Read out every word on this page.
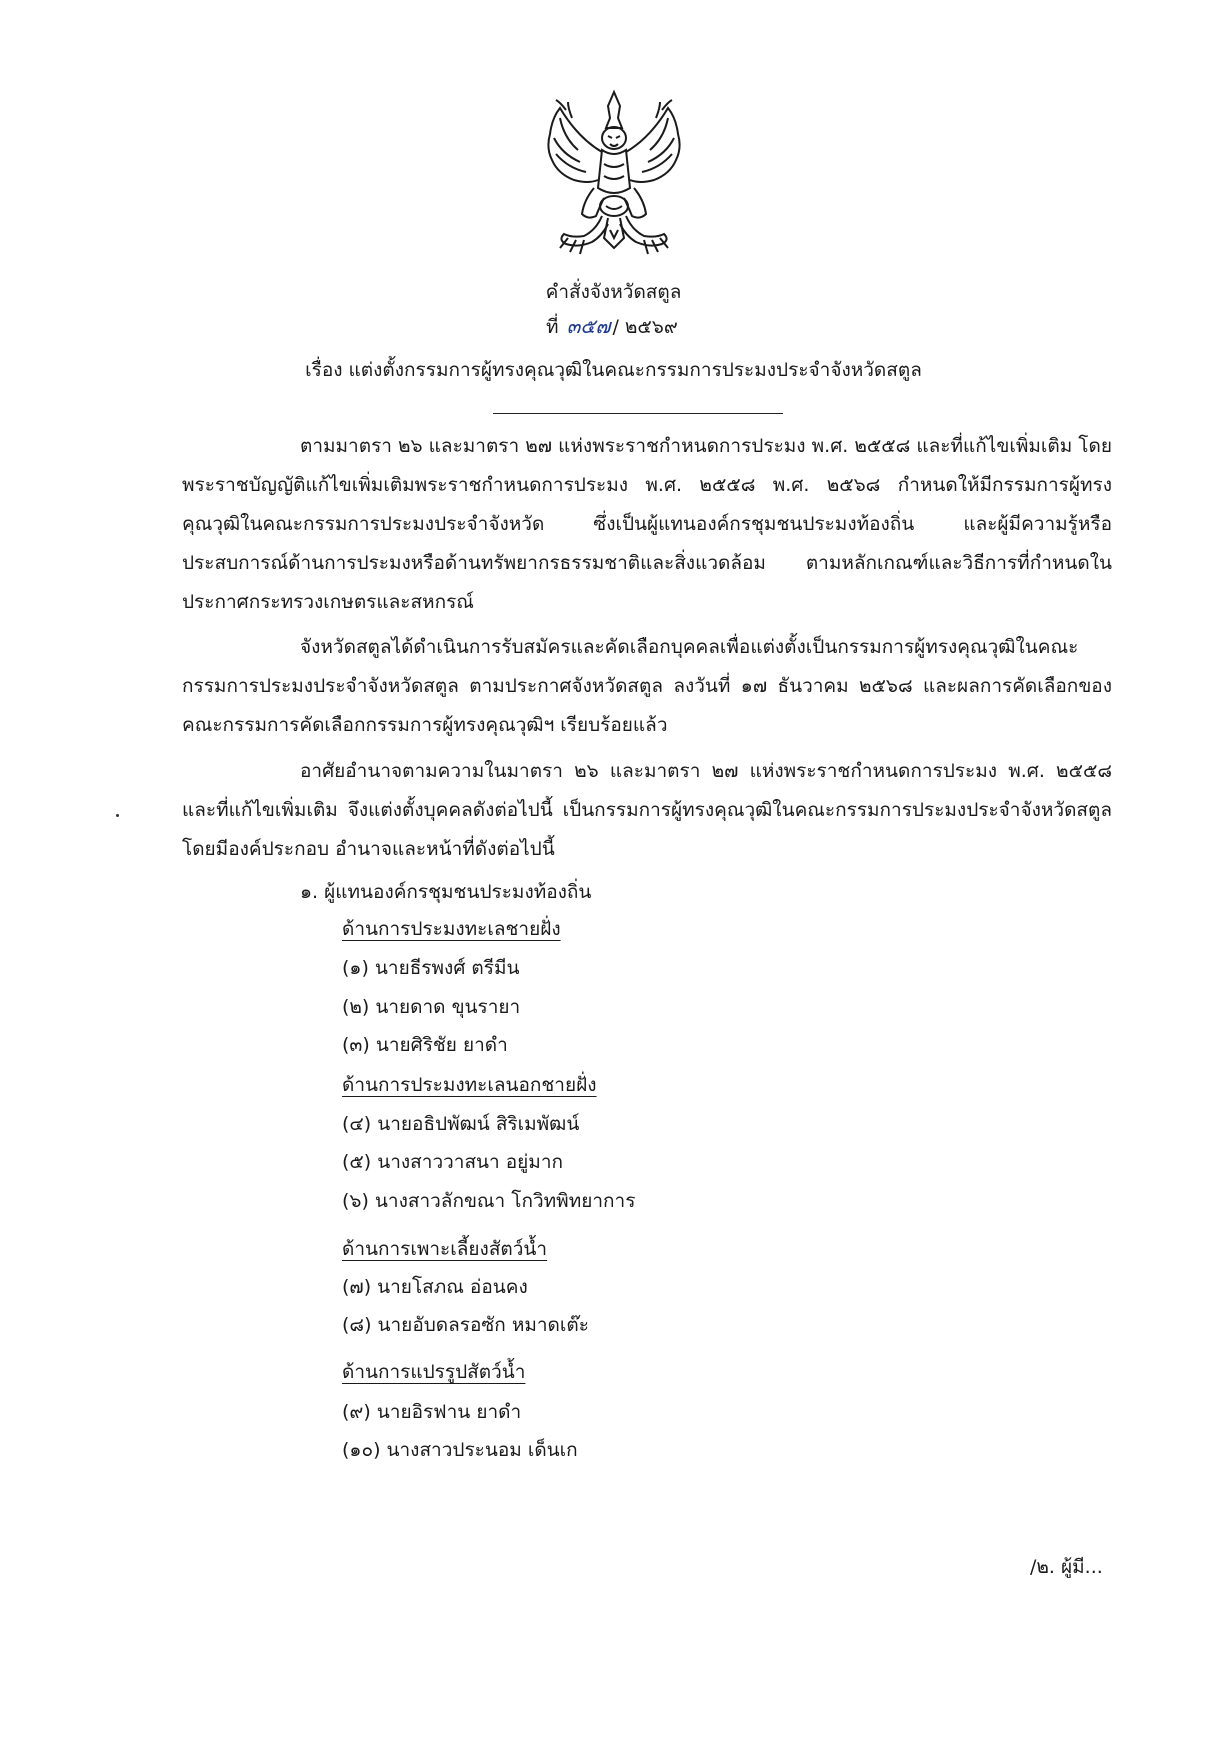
คำสั่งจังหวัดสตูล
ที่ ๓๕๗ / ๒๕๖๙
เรื่อง แต่งตั้งกรรมการผู้ทรงคุณวุฒิในคณะกรรมการประมงประจำจังหวัดสตูล

ตามมาตรา ๒๖ และมาตรา ๒๗ แห่งพระราชกำหนดการประมง พ.ศ. ๒๕๕๘ และที่แก้ไขเพิ่มเติม โดยพระราชบัญญัติแก้ไขเพิ่มเติมพระราชกำหนดการประมง พ.ศ. ๒๕๕๘ พ.ศ. ๒๕๖๘ กำหนดให้มีกรรมการผู้ทรงคุณวุฒิในคณะกรรมการประมงประจำจังหวัด ซึ่งเป็นผู้แทนองค์กรชุมชนประมงท้องถิ่น และผู้มีความรู้หรือประสบการณ์ด้านการประมงหรือด้านทรัพยากรธรรมชาติและสิ่งแวดล้อม ตามหลักเกณฑ์และวิธีการที่กำหนดในประกาศกระทรวงเกษตรและสหกรณ์

จังหวัดสตูลได้ดำเนินการรับสมัครและคัดเลือกบุคคลเพื่อแต่งตั้งเป็นกรรมการผู้ทรงคุณวุฒิในคณะกรรมการประมงประจำจังหวัดสตูล ตามประกาศจังหวัดสตูล ลงวันที่ ๑๗ ธันวาคม ๒๕๖๘ และผลการคัดเลือกของคณะกรรมการคัดเลือกกรรมการผู้ทรงคุณวุฒิฯ เรียบร้อยแล้ว

อาศัยอำนาจตามความในมาตรา ๒๖ และมาตรา ๒๗ แห่งพระราชกำหนดการประมง พ.ศ. ๒๕๕๘ และที่แก้ไขเพิ่มเติม จึงแต่งตั้งบุคคลดังต่อไปนี้ เป็นกรรมการผู้ทรงคุณวุฒิในคณะกรรมการประมงประจำจังหวัดสตูล โดยมีองค์ประกอบ อำนาจและหน้าที่ดังต่อไปนี้

๑. ผู้แทนองค์กรชุมชนประมงท้องถิ่น
ด้านการประมงทะเลชายฝั่ง
(๑) นายธีรพงศ์ ตรีมีน
(๒) นายดาด ขุนรายา
(๓) นายศิริชัย ยาดำ
ด้านการประมงทะเลนอกชายฝั่ง
(๔) นายอธิปพัฒน์ สิริเมพัฒน์
(๕) นางสาววาสนา อยู่มาก
(๖) นางสาวลักขณา โกวิทพิทยาการ
ด้านการเพาะเลี้ยงสัตว์น้ำ
(๗) นายโสภณ อ่อนคง
(๘) นายอับดลรอซัก หมาดเต๊ะ
ด้านการแปรรูปสัตว์น้ำ
(๙) นายอิรฟาน ยาดำ
(๑๐) นางสาวประนอม เด็นเก
/๒. ผู้มี...
